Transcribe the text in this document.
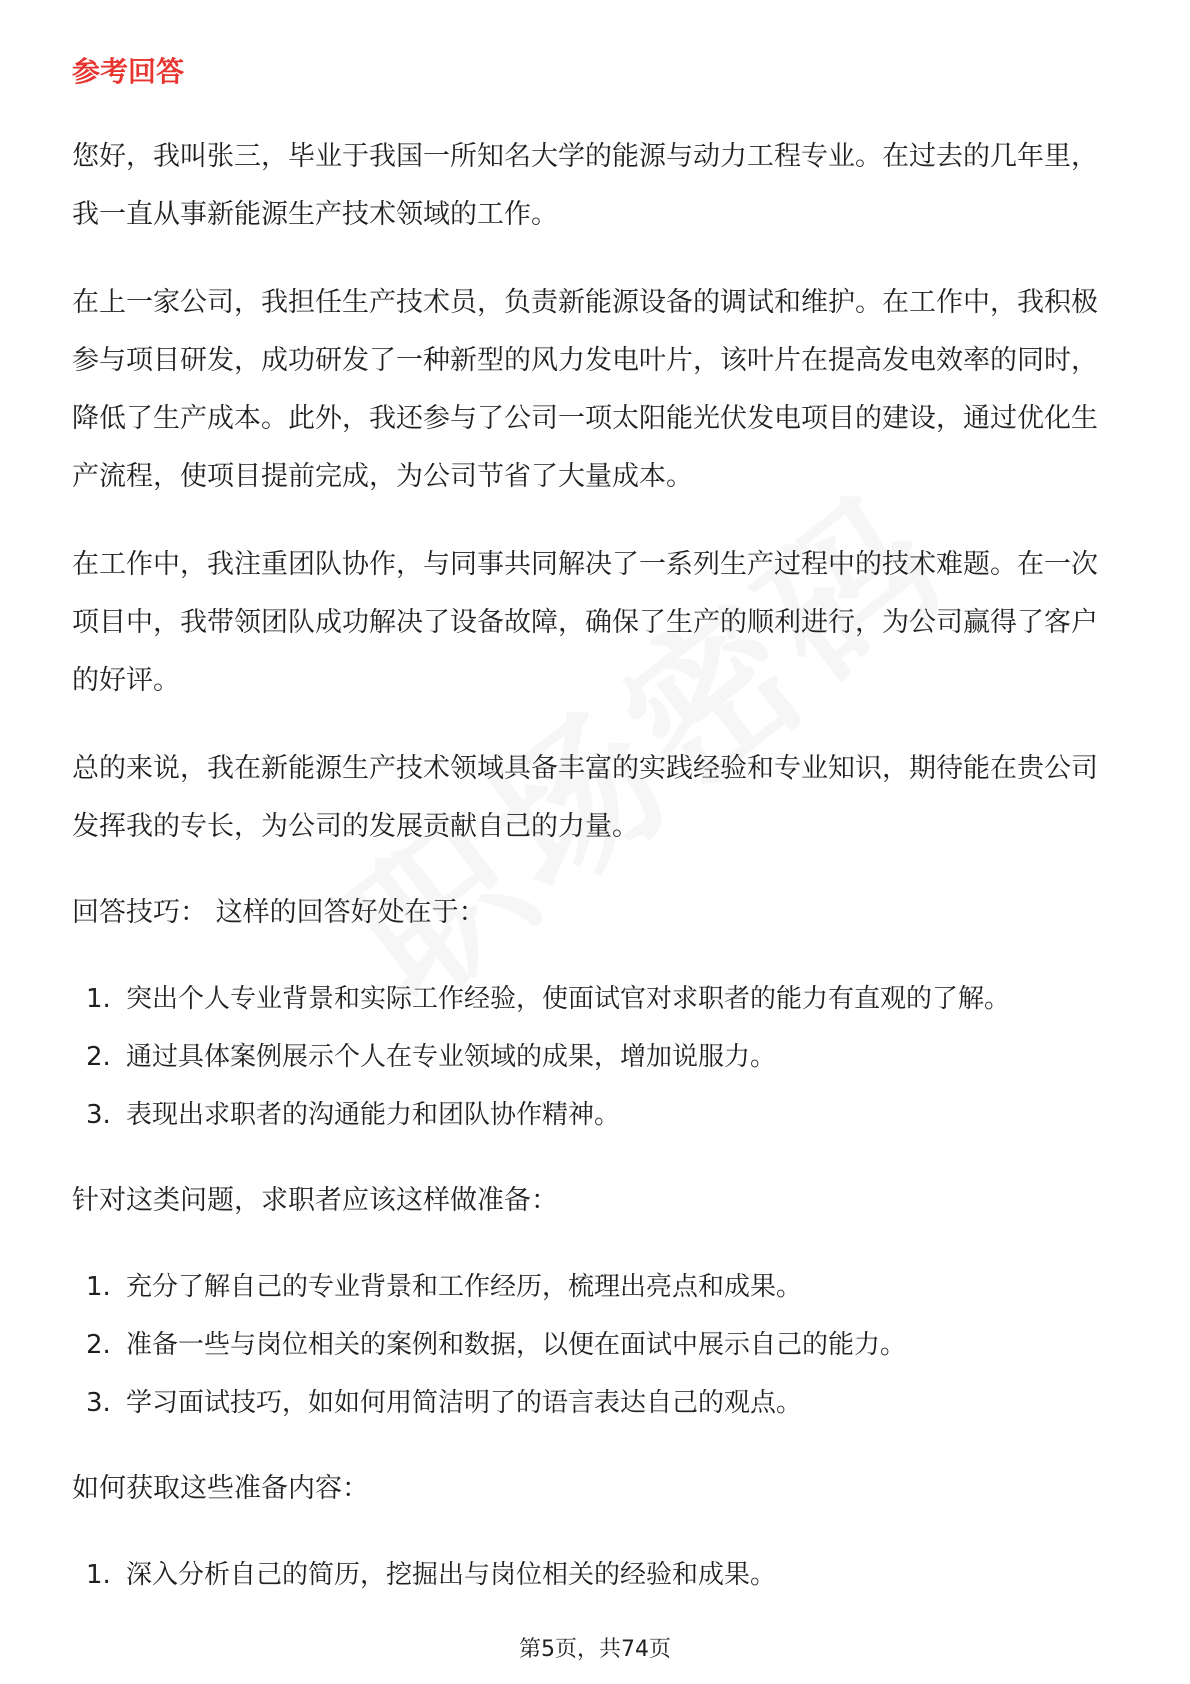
参考回答

您好，我叫张三，毕业于我国一所知名大学的能源与动力工程专业。在过去的几年里，我一直从事新能源生产技术领域的工作。

在上一家公司，我担任生产技术员，负责新能源设备的调试和维护。在工作中，我积极参与项目研发，成功研发了一种新型的风力发电叶片，该叶片在提高发电效率的同时，降低了生产成本。此外，我还参与了公司一项太阳能光伏发电项目的建设，通过优化生产流程，使项目提前完成，为公司节省了大量成本。

在工作中，我注重团队协作，与同事共同解决了一系列生产过程中的技术难题。在一次项目中，我带领团队成功解决了设备故障，确保了生产的顺利进行，为公司赢得了客户的好评。

总的来说，我在新能源生产技术领域具备丰富的实践经验和专业知识，期待能在贵公司发挥我的专长，为公司的发展贡献自己的力量。

回答技巧： 这样的回答好处在于：

1. 突出个人专业背景和实际工作经验，使面试官对求职者的能力有直观的了解。
2. 通过具体案例展示个人在专业领域的成果，增加说服力。
3. 表现出求职者的沟通能力和团队协作精神。

针对这类问题，求职者应该这样做准备：

1. 充分了解自己的专业背景和工作经历，梳理出亮点和成果。
2. 准备一些与岗位相关的案例和数据，以便在面试中展示自己的能力。
3. 学习面试技巧，如如何用简洁明了的语言表达自己的观点。

如何获取这些准备内容：

1. 深入分析自己的简历，挖掘出与岗位相关的经验和成果。
第5页，共74页
